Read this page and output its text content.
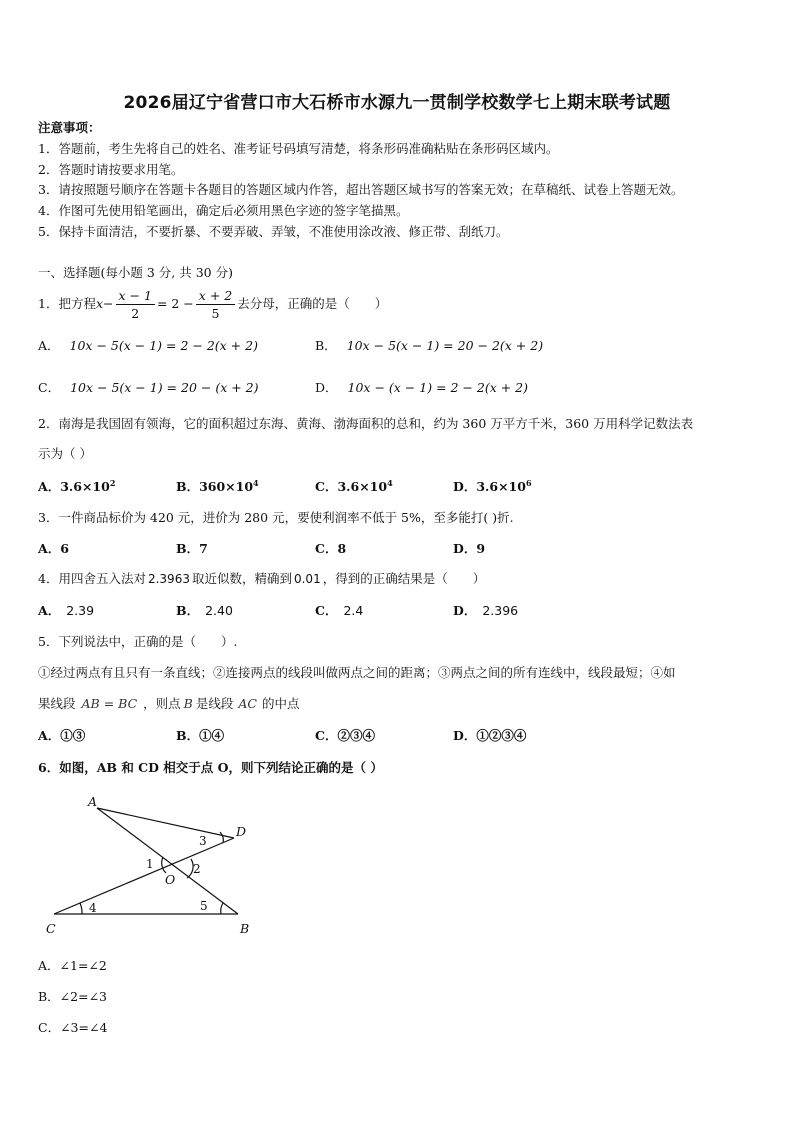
2026届辽宁省营口市大石桥市水源九一贯制学校数学七上期末联考试题
注意事项：
1．答题前，考生先将自己的姓名、准考证号码填写清楚，将条形码准确粘贴在条形码区域内。
2．答题时请按要求用笔。
3．请按照题号顺序在答题卡各题目的答题区域内作答，超出答题区域书写的答案无效；在草稿纸、试卷上答题无效。
4．作图可先使用铅笔画出，确定后必须用黑色字迹的签字笔描黑。
5．保持卡面清洁，不要折暴、不要弄破、弄皱，不准使用涂改液、修正带、刮纸刀。
一、选择题(每小题 3 分, 共 30 分)
1．把方程$x- \frac{x - 1}{2} = 2 - \frac{x + 2}{5}$ 去分母，正确的是（　　）
A． 10x − 5(x − 1) = 2 − 2(x + 2)	B． 10x − 5(x − 1) = 20 − 2(x + 2)
C． 10x − 5(x − 1) = 20 − (x + 2)	D． 10x − (x − 1) = 2 − 2(x + 2)
2．南海是我国固有领海，它的面积超过东海、黄海、渤海面积的总和，约为 360 万平方千米，360 万用科学记数法表
示为（ ）
A．$3.6\times 10^2$	B．$360\times 10^4$	C．$3.6\times 10^4$	D．$3.6\times 10^6$
3．一件商品标价为 420 元，进价为 280 元，要使利润率不低于 5%，至多能打( )折.
A．6	B．7	C．8	D．9
4．用四舍五入法对 2.3963 取近似数，精确到 0.01 ，得到的正确结果是（　　）
A． 2.39	B． 2.40	C． 2.4	D． 2.396
5．下列说法中，正确的是（　　）.
①经过两点有且只有一条直线；②连接两点的线段叫做两点之间的距离；③两点之间的所有连线中，线段最短；④如
果线段 AB = BC ，则点 B 是线段 AC 的中点
A．①③	B．①④	C．②③④	D．①②③④
6．如图，AB 和 CD 相交于点 O，则下列结论正确的是（ ）
A
D
O
C	B
3
1	2
4	5
A．∠1=∠2
B．∠2=∠3
C．∠3=∠4
